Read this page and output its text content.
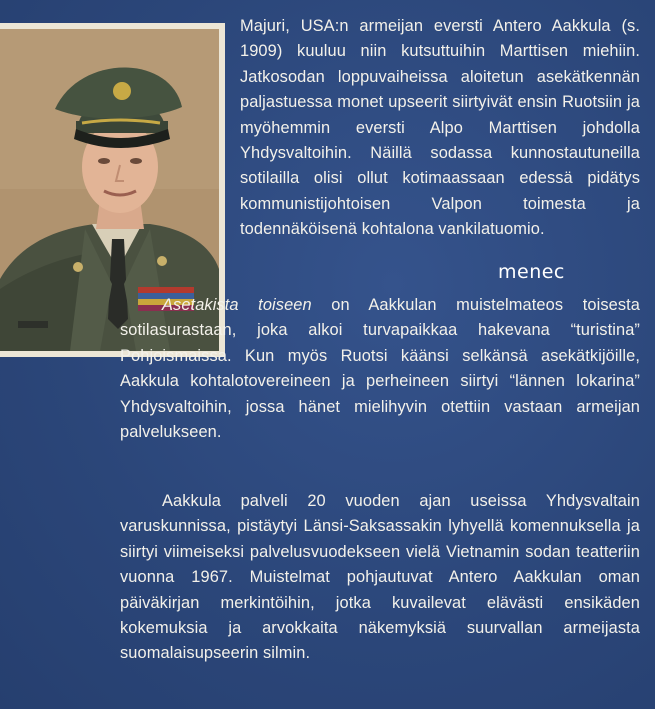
Majuri, USA:n armeijan eversti Antero Aakkula (s. 1909) kuuluu niin kutsuttuihin Marttisen miehiin. Jatkosodan loppuvaiheissa aloitetun asekätkennän paljastuessa monet upseerit siirtyivät ensin Ruotsiin ja myöhemmin eversti Alpo Marttisen johdolla Yhdysvaltoihin. Näillä sodassa kunnostautuneilla sotilailla olisi ollut kotimaassaan edessä pidätys kommunistijohtoisen Valpon toimesta ja todennäköisenä kohtalona vankilatuomio.

Asetakista toiseen on Aakkulan muistelmateos toisesta sotilasurastaan, joka alkoi turvapaikkaa hakevana “turistina” Pohjoismaissa. Kun myös Ruotsi käänsi selkänsä asekätkijöille, Aakkula kohtalotovereineen ja perheineen siirtyi “lännen lokarina” Yhdysvaltoihin, jossa hänet mielihyvin otettiin vastaan armeijan palvelukseen.

Aakkula palveli 20 vuoden ajan useissa Yhdysvaltain varuskunnissa, pistäytyi Länsi-Saksassakin lyhyellä komennuksella ja siirtyi viimeiseksi palvelusvuodekseen vielä Vietnamin sodan teatteriin vuonna 1967. Muistelmat pohjautuvat Antero Aakkulan oman päiväkirjan merkintöihin, jotka kuvailevat elävästi ensikäden kokemuksia ja arvokkaita näkemyksiä suurvallan armeijasta suomalaisupseerin silmin.

menec
